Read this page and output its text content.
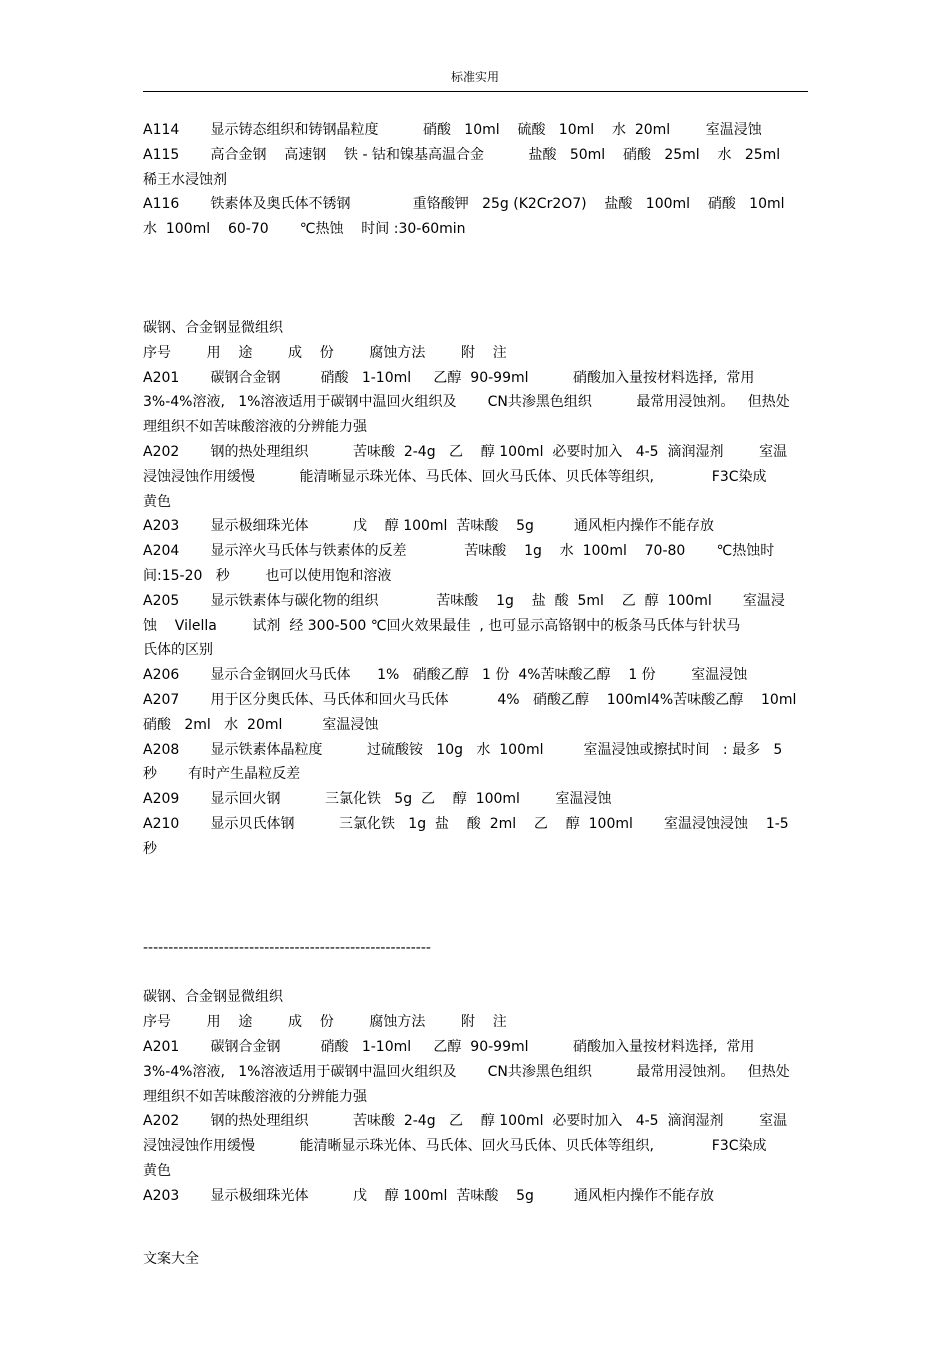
标准实用
A114       显示铸态组织和铸钢晶粒度          硝酸   10ml    硫酸   10ml    水  20ml        室温浸蚀
A115       高合金钢    高速钢    铁 - 钴和镍基高温合金          盐酸   50ml    硝酸   25ml    水   25ml
稀王水浸蚀剂
A116       铁素体及奥氏体不锈钢              重铬酸钾   25g (K2Cr2O7)    盐酸   100ml    硝酸   10ml
水  100ml    60-70       ℃热蚀    时间 :30-60min
碳钢、合金钢显微组织
序号        用    途        成    份        腐蚀方法        附    注
A201       碳钢合金钢         硝酸   1-10ml     乙醇  90-99ml          硝酸加入量按材料选择,  常用
3%-4%溶液,   1%溶液适用于碳钢中温回火组织及       CN共渗黑色组织          最常用浸蚀剂。   但热处
理组织不如苦味酸溶液的分辨能力强
A202       钢的热处理组织          苦味酸  2-4g   乙    醇 100ml  必要时加入   4-5  滴润湿剂        室温
浸蚀浸蚀作用缓慢          能清晰显示珠光体、马氏体、回火马氏体、贝氏体等组织,             F3C染成
黄色
A203       显示极细珠光体          戊    醇 100ml  苦味酸    5g         通风柜内操作不能存放
A204       显示淬火马氏体与铁素体的反差             苦味酸    1g    水  100ml    70-80       ℃热蚀时
间:15-20   秒        也可以使用饱和溶液
A205       显示铁素体与碳化物的组织             苦味酸    1g    盐  酸  5ml    乙  醇  100ml       室温浸
蚀    Vilella        试剂  经 300-500 ℃回火效果最佳  , 也可显示高铬钢中的板条马氏体与针状马
氏体的区别
A206       显示合金钢回火马氏体      1%   硝酸乙醇   1 份  4%苦味酸乙醇    1 份        室温浸蚀
A207       用于区分奥氏体、马氏体和回火马氏体           4%   硝酸乙醇    100ml4%苦味酸乙醇    10ml
硝酸   2ml   水  20ml         室温浸蚀
A208       显示铁素体晶粒度          过硫酸铵   10g   水  100ml         室温浸蚀或擦拭时间   : 最多   5
秒       有时产生晶粒反差
A209       显示回火钢          三氯化铁   5g  乙    醇  100ml        室温浸蚀
A210       显示贝氏体钢          三氯化铁   1g  盐    酸  2ml    乙    醇  100ml       室温浸蚀浸蚀    1-5
秒
---------------------------------------------------------
碳钢、合金钢显微组织
序号        用    途        成    份        腐蚀方法        附    注
A201       碳钢合金钢         硝酸   1-10ml     乙醇  90-99ml          硝酸加入量按材料选择,  常用
3%-4%溶液,   1%溶液适用于碳钢中温回火组织及       CN共渗黑色组织          最常用浸蚀剂。   但热处
理组织不如苦味酸溶液的分辨能力强
A202       钢的热处理组织          苦味酸  2-4g   乙    醇 100ml  必要时加入   4-5  滴润湿剂        室温
浸蚀浸蚀作用缓慢          能清晰显示珠光体、马氏体、回火马氏体、贝氏体等组织,             F3C染成
黄色
A203       显示极细珠光体          戊    醇 100ml  苦味酸    5g         通风柜内操作不能存放
文案大全
